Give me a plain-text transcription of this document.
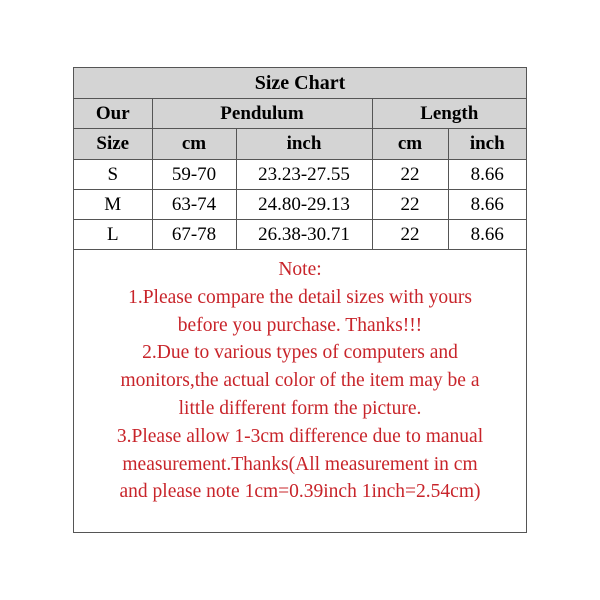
Size Chart				
Our	Pendulum		Length	
Size	cm	inch	cm	inch
S	59-70	23.23-27.55	22	8.66
M	63-74	24.80-29.13	22	8.66
L	67-78	26.38-30.71	22	8.66
Note:
1.Please compare the detail sizes with yours
before you purchase. Thanks!!!
2.Due to various types of computers and
monitors,the actual color of the item may be a
little different form the picture.
3.Please allow 1-3cm difference due to manual
measurement.Thanks(All measurement in cm
and please note 1cm=0.39inch 1inch=2.54cm)
